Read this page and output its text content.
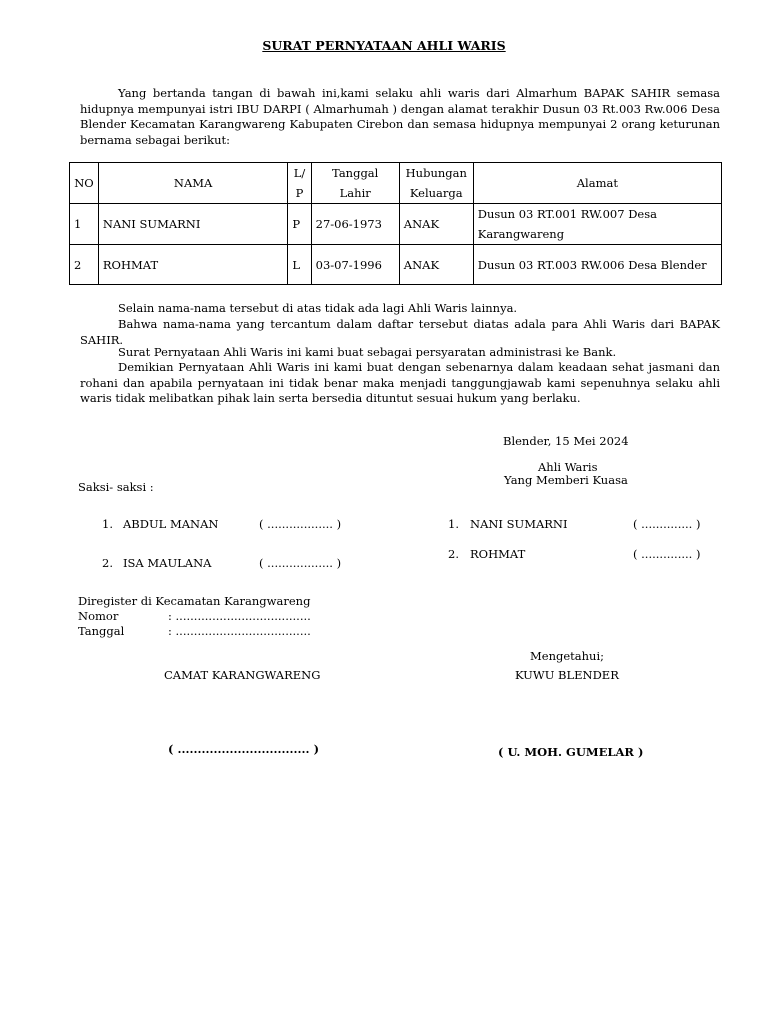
SURAT PERNYATAAN AHLI WARIS
Yang bertanda tangan di bawah ini,kami selaku ahli waris dari Almarhum BAPAK SAHIR semasa hidupnya mempunyai istri IBU DARPI ( Almarhumah ) dengan alamat terakhir Dusun 03 Rt.003 Rw.006 Desa Blender Kecamatan Karangwareng Kabupaten Cirebon dan semasa hidupnya mempunyai 2 orang keturunan bernama sebagai berikut:
NO	NAMA	L/ P	Tanggal Lahir	Hubungan Keluarga	Alamat
1	NANI SUMARNI	P	27-06-1973	ANAK	Dusun 03 RT.001 RW.007 Desa Karangwareng
2	ROHMAT	L	03-07-1996	ANAK	Dusun 03 RT.003 RW.006 Desa Blender
Selain nama-nama tersebut di atas tidak ada lagi Ahli Waris lainnya.
Bahwa nama-nama yang tercantum dalam daftar tersebut diatas adala para Ahli Waris dari BAPAK SAHIR.
Surat Pernyataan Ahli Waris ini kami buat sebagai persyaratan administrasi ke Bank.
Demikian Pernyataan Ahli Waris ini kami buat dengan sebenarnya dalam keadaan sehat jasmani dan rohani dan apabila pernyataan ini tidak benar maka menjadi tanggungjawab kami sepenuhnya selaku ahli waris tidak melibatkan pihak lain serta bersedia dituntut sesuai hukum yang berlaku.
Blender, 15 Mei 2024
Ahli Waris
Yang Memberi Kuasa
Saksi- saksi :
1. ABDUL MANAN	( .................. )
2. ISA MAULANA	( .................. )
1. NANI SUMARNI	( .............. )
2. ROHMAT	( .............. )
Diregister di Kecamatan Karangwareng
Nomor	: .....................................
Tanggal	: .....................................
Mengetahui;
CAMAT KARANGWARENG	KUWU BLENDER
( ................................. )	( U. MOH. GUMELAR )
